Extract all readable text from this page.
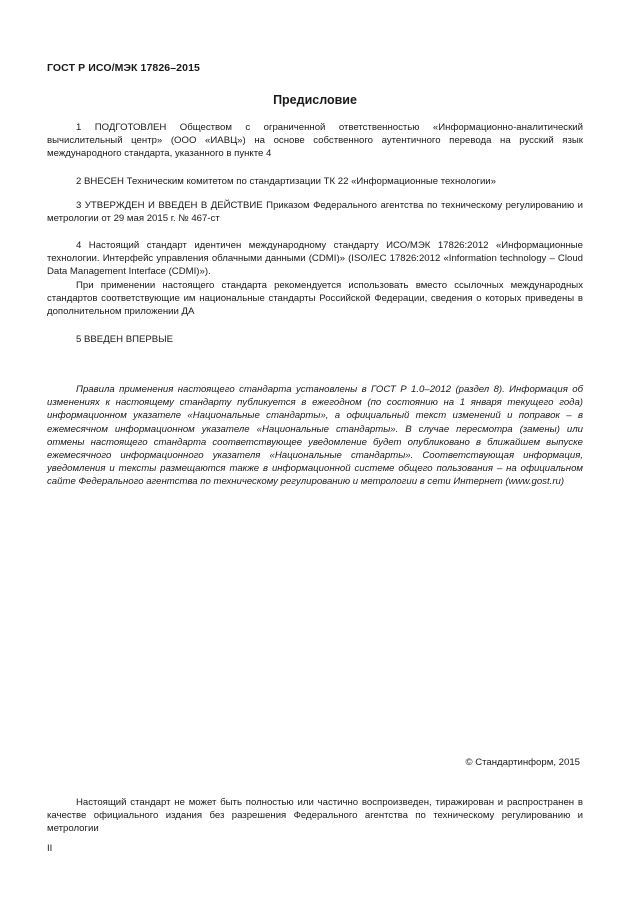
ГОСТ Р ИСО/МЭК 17826–2015
Предисловие

1 ПОДГОТОВЛЕН Обществом с ограниченной ответственностью «Информационно-аналитический вычислительный центр» (ООО «ИАВЦ») на основе собственного аутентичного перевода на русский язык международного стандарта, указанного в пункте 4

2 ВНЕСЕН Техническим комитетом по стандартизации ТК 22 «Информационные технологии»

3 УТВЕРЖДЕН И ВВЕДЕН В ДЕЙСТВИЕ Приказом Федерального агентства по техническому регулированию и метрологии от 29 мая 2015 г. № 467-ст

4 Настоящий стандарт идентичен международному стандарту ИСО/МЭК 17826:2012 «Информационные технологии. Интерфейс управления облачными данными (CDMI)» (ISO/IEC 17826:2012 «Information technology – Cloud Data Management Interface (CDMI)»).

При применении настоящего стандарта рекомендуется использовать вместо ссылочных международных стандартов соответствующие им национальные стандарты Российской Федерации, сведения о которых приведены в дополнительном приложении ДА

5 ВВЕДЕН ВПЕРВЫЕ

Правила применения настоящего стандарта установлены в ГОСТ Р 1.0–2012 (раздел 8). Информация об изменениях к настоящему стандарту публикуется в ежегодном (по состоянию на 1 января текущего года) информационном указателе «Национальные стандарты», а официальный текст изменений и поправок – в ежемесячном информационном указателе «Национальные стандарты». В случае пересмотра (замены) или отмены настоящего стандарта соответствующее уведомление будет опубликовано в ближайшем выпуске ежемесячного информационного указателя «Национальные стандарты». Соответствующая информация, уведомления и тексты размещаются также в информационной системе общего пользования – на официальном сайте Федерального агентства по техническому регулированию и метрологии в сети Интернет (www.gost.ru)

© Стандартинформ, 2015

Настоящий стандарт не может быть полностью или частично воспроизведен, тиражирован и распространен в качестве официального издания без разрешения Федерального агентства по техническому регулированию и метрологии

II
